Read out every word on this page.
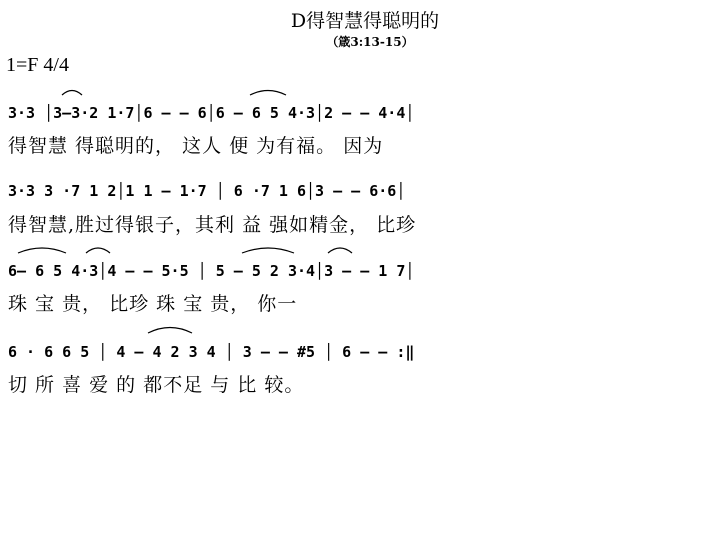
D得智慧得聪明的
（箴3:13-15）
1=F 4/4
3·3 │3–3·2 1·7│6 – – 6│6 – 6 5 4·3│2 – – 4·4│
得智慧 得聪明的， 这人 便 为有福。 因为
3·3 3 ·7 1 2│1 1 – 1·7 │ 6 ·7 1 6│3 – – 6·6│
得智慧,胜过得银子，其利 益 强如精金， 比珍
6– 6 5 4·3│4 – – 5·5 │ 5 – 5 2 3·4│3 – – 1 7│
珠 宝 贵， 比珍 珠 宝 贵， 你一
6 · 6 6 5 │ 4 – 4 2 3 4 │ 3 – – #5 │ 6 – – :‖
切 所 喜 爱 的 都不足 与 比 较。
